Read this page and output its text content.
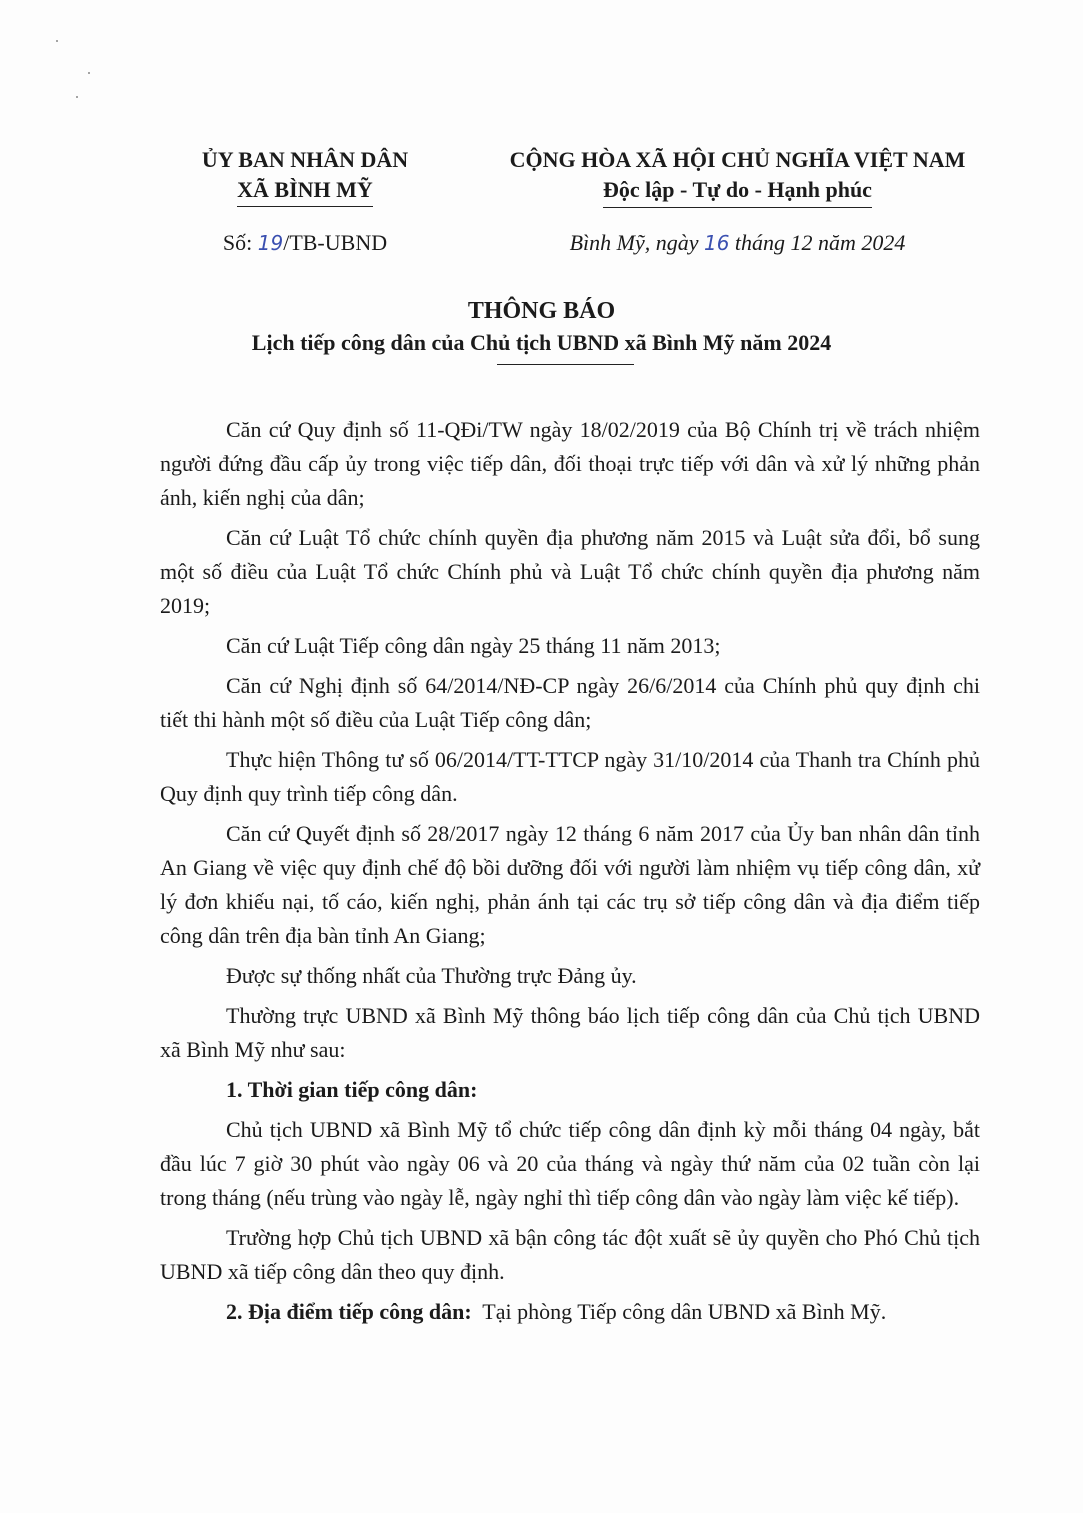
ỦY BAN NHÂN DÂN
XÃ BÌNH MỸ
CỘNG HÒA XÃ HỘI CHỦ NGHĨA VIỆT NAM
Độc lập - Tự do - Hạnh phúc
Số: 19/TB-UBND	Bình Mỹ, ngày 16 tháng 12 năm 2024
THÔNG BÁO
Lịch tiếp công dân của Chủ tịch UBND xã Bình Mỹ năm 2024

Căn cứ Quy định số 11-QĐi/TW ngày 18/02/2019 của Bộ Chính trị về trách nhiệm người đứng đầu cấp ủy trong việc tiếp dân, đối thoại trực tiếp với dân và xử lý những phản ánh, kiến nghị của dân;

Căn cứ Luật Tổ chức chính quyền địa phương năm 2015 và Luật sửa đổi, bổ sung một số điều của Luật Tổ chức Chính phủ và Luật Tổ chức chính quyền địa phương năm 2019;

Căn cứ Luật Tiếp công dân ngày 25 tháng 11 năm 2013;

Căn cứ Nghị định số 64/2014/NĐ-CP ngày 26/6/2014 của Chính phủ quy định chi tiết thi hành một số điều của Luật Tiếp công dân;

Thực hiện Thông tư số 06/2014/TT-TTCP ngày 31/10/2014 của Thanh tra Chính phủ Quy định quy trình tiếp công dân.

Căn cứ Quyết định số 28/2017 ngày 12 tháng 6 năm 2017 của Ủy ban nhân dân tỉnh An Giang về việc quy định chế độ bồi dưỡng đối với người làm nhiệm vụ tiếp công dân, xử lý đơn khiếu nại, tố cáo, kiến nghị, phản ánh tại các trụ sở tiếp công dân và địa điểm tiếp công dân trên địa bàn tỉnh An Giang;

Được sự thống nhất của Thường trực Đảng ủy.

Thường trực UBND xã Bình Mỹ thông báo lịch tiếp công dân của Chủ tịch UBND xã Bình Mỹ như sau:

1. Thời gian tiếp công dân:

Chủ tịch UBND xã Bình Mỹ tổ chức tiếp công dân định kỳ mỗi tháng 04 ngày, bắt đầu lúc 7 giờ 30 phút vào ngày 06 và 20 của tháng và ngày thứ năm của 02 tuần còn lại trong tháng (nếu trùng vào ngày lễ, ngày nghỉ thì tiếp công dân vào ngày làm việc kế tiếp).

Trường hợp Chủ tịch UBND xã bận công tác đột xuất sẽ ủy quyền cho Phó Chủ tịch UBND xã tiếp công dân theo quy định.

2. Địa điểm tiếp công dân: Tại phòng Tiếp công dân UBND xã Bình Mỹ.
